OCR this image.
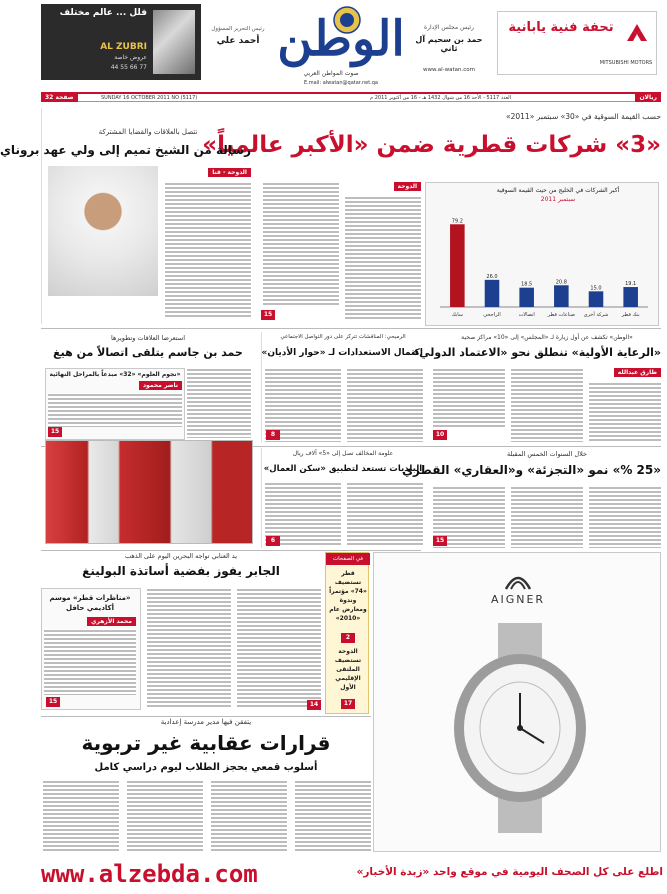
تحفة فنية يابانية
MITSUBISHI MOTORS
رئيس مجلس الإدارة
حمد بن سحيم آل ثاني
www.al-watan.com
الوطن
صوت المواطن العربي
E.mail: alwatan@qatar.net.qa
رئيس التحرير المسؤول
أحمد علي
فلل ... عالم مختلف
AL ZUBRI
عروض خاصة
44 55 66 77
ريالان
العدد 5117 - الأحد 16 من شوال 1432 هـ - 16 من أكتوبر 2011 م
SUNDAY 16 OCTOBER 2011 NO (5117)
صفحة 32
حسب القيمة السوقية في «30» سبتمبر «2011»
«3» شركات قطرية ضمن «الأكبر عالمياً»
أكبر الشركات في الخليج من حيث القيمة السوقية
سبتمبر 2011
79.2
سابك
26.0
الراجحي
18.5
اتصالات
20.8
صناعات قطر
15.0
شركة أخرى
19.1
بنك قطر
الدوحة
15
تتصل بالعلاقات والقضايا المشتركة
رسالة من الشيخ تميم إلى ولي عهد بروناي
الدوحة - قنا
«الوطن» تكشف عن أول زيارة لـ «المجلس» إلى «10» مراكز صحية
«الرعاية الأولية» تنطلق نحو «الاعتماد الدولي»
طارق عبدالله
10
الرميحي: المناقشات تتركز على دور التواصل الاجتماعي
اكتمال الاستعدادات لـ «حوار الأديان»
8
استعرضا العلاقات وتطويرها
حمد بن جاسم يتلقى اتصالاً من هيغ
«نجوم العلوم» «32» مبدعاً بالمراحل النهائية
ناصر محمود
15
خلال السنوات الخمس المقبلة
«25 %» نمو «التجزئة» و«العقاري» القطري
15
علومة المخالف تصل إلى «5» آلاف ريال
البلديات تستعد لتطبيق «سكن العمال»
6
يد العنابي تواجه البحرين اليوم على الذهب
الجابر يفوز بفضية أساتذة البولينغ
«مناظرات قطر» موسم أكاديمي حافل
محمد الأزهري
15	14
في الصفحات
قطر تستضيف «74» مؤتمراً وندوة ومعارض عام «2010»
2
الدوحة تستضيف الملتقى الإقليمي الأول
17
AIGNER
يتفقن فيها مدير مدرسة إعدادية
قرارات عقابية غير تربوية
أسلوب قمعي بحجز الطلاب ليوم دراسي كامل
www.alzebda.com	اطلع على كل الصحف اليومية في موقع واحد «زبدة الأخبار»
